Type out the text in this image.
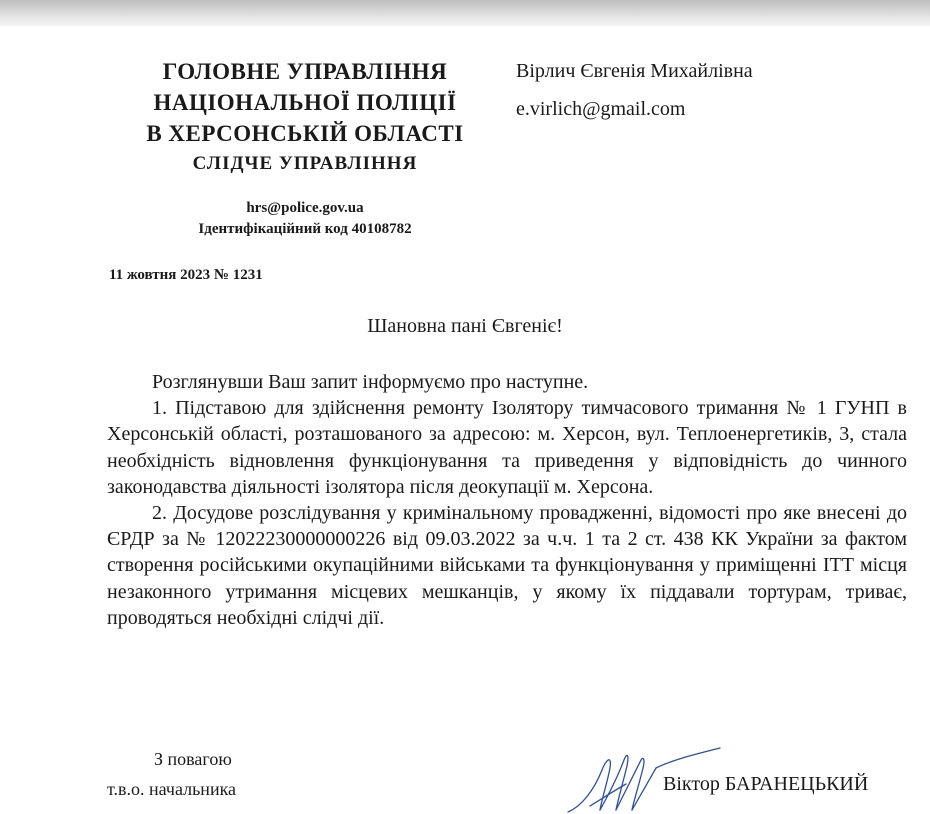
ГОЛОВНЕ УПРАВЛІННЯ
НАЦІОНАЛЬНОЇ ПОЛІЦІЇ
В ХЕРСОНСЬКІЙ ОБЛАСТІ
СЛІДЧЕ УПРАВЛІННЯ
hrs@police.gov.ua
Ідентифікаційний код 40108782
Вірлич Євгенія Михайлівна
e.virlich@gmail.com
11 жовтня 2023 № 1231
Шановна пані Євгеніє!

Розглянувши Ваш запит інформуємо про наступне.

1. Підставою для здійснення ремонту Ізолятору тимчасового тримання № 1 ГУНП в Херсонській області, розташованого за адресою: м. Херсон, вул. Теплоенергетиків, 3, стала необхідність відновлення функціонування та приведення у відповідність до чинного законодавства діяльності ізолятора після деокупації м. Херсона.

2. Досудове розслідування у кримінальному провадженні, відомості про яке внесені до ЄРДР за № 12022230000000226 від 09.03.2022 за ч.ч. 1 та 2 ст. 438 КК України за фактом створення російськими окупаційними військами та функціонування у приміщенні ІТТ місця незаконного утримання місцевих мешканців, у якому їх піддавали тортурам, триває, проводяться необхідні слідчі дії.

З повагою
т.в.о. начальника	Віктор БАРАНЕЦЬКИЙ
